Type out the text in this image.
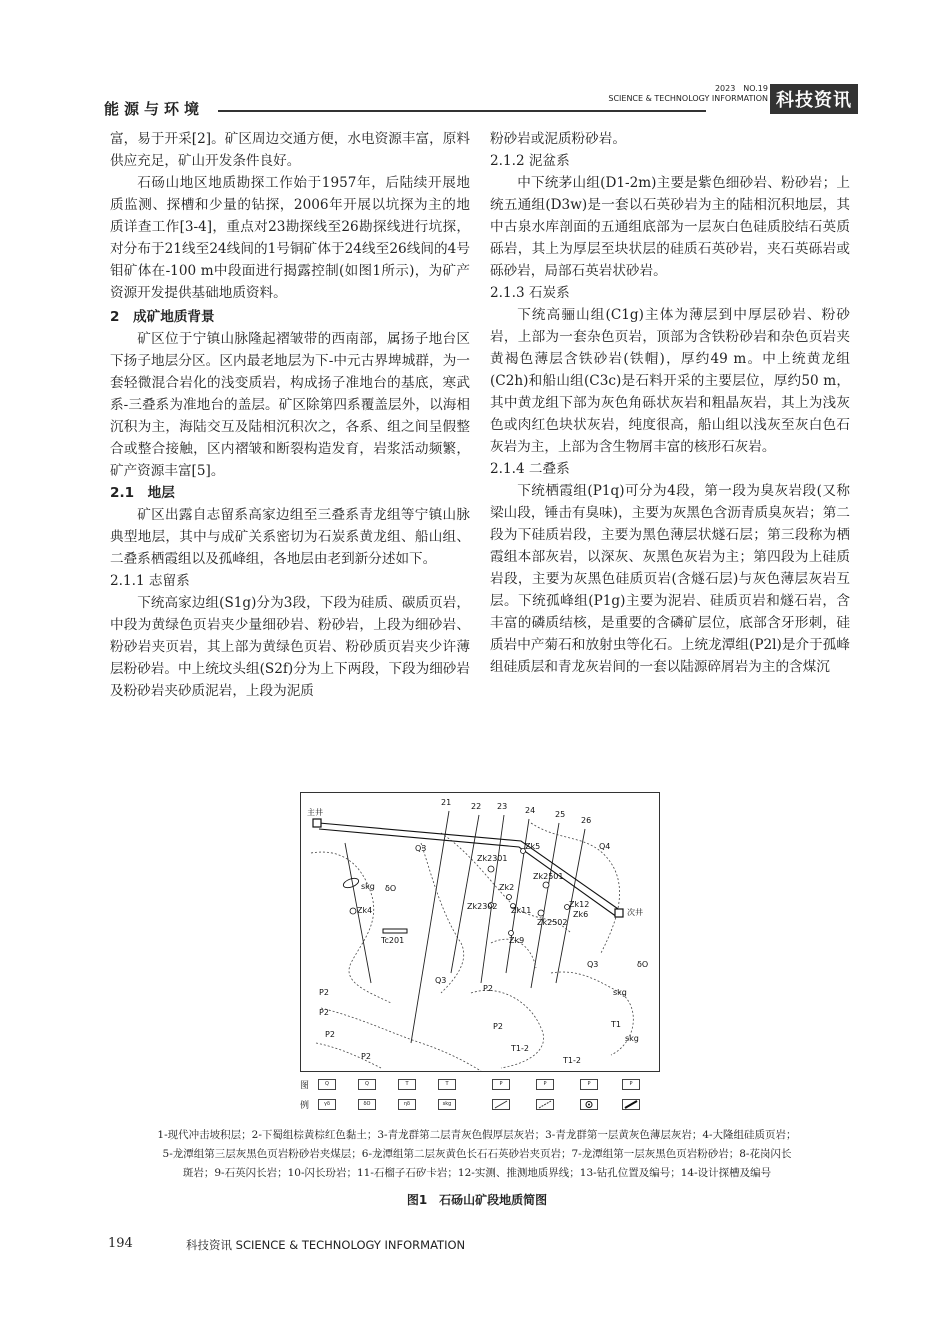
能源与环境
2023　NO.19
SCIENCE & TECHNOLOGY INFORMATION 科技资讯

富，易于开采[2]。矿区周边交通方便，水电资源丰富，原料供应充足，矿山开发条件良好。

石砀山地区地质勘探工作始于1957年，后陆续开展地质监测、探槽和少量的钻探，2006年开展以坑探为主的地质详查工作[3-4]，重点对23勘探线至26勘探线进行坑探，对分布于21线至24线间的1号铜矿体于24线至26线间的4号钼矿体在-100 m中段面进行揭露控制(如图1所示)，为矿产资源开发提供基础地质资料。

2　成矿地质背景

矿区位于宁镇山脉隆起褶皱带的西南部，属扬子地台区下扬子地层分区。区内最老地层为下-中元古界埤城群，为一套轻微混合岩化的浅变质岩，构成扬子准地台的基底，寒武系-三叠系为准地台的盖层。矿区除第四系覆盖层外，以海相沉积为主，海陆交互及陆相沉积次之，各系、组之间呈假整合或整合接触，区内褶皱和断裂构造发育，岩浆活动频繁，矿产资源丰富[5]。

2.1　地层

矿区出露自志留系高家边组至三叠系青龙组等宁镇山脉典型地层，其中与成矿关系密切为石炭系黄龙组、船山组、二叠系栖霞组以及孤峰组，各地层由老到新分述如下。

2.1.1 志留系

下统高家边组(S1g)分为3段，下段为硅质、碳质页岩，中段为黄绿色页岩夹少量细砂岩、粉砂岩，上段为细砂岩、粉砂岩夹页岩，其上部为黄绿色页岩、粉砂质页岩夹少许薄层粉砂岩。中上统坟头组(S2f)分为上下两段，下段为细砂岩及粉砂岩夹砂质泥岩，上段为泥质

粉砂岩或泥质粉砂岩。

2.1.2 泥盆系

中下统茅山组(D1-2m)主要是紫色细砂岩、粉砂岩；上统五通组(D3w)是一套以石英砂岩为主的陆相沉积地层，其中古泉水库剖面的五通组底部为一层灰白色硅质胶结石英质砾岩，其上为厚层至块状层的硅质石英砂岩，夹石英砾岩或砾砂岩，局部石英岩状砂岩。

2.1.3 石炭系

下统高骊山组(C1g)主体为薄层到中厚层砂岩、粉砂岩，上部为一套杂色页岩，顶部为含铁粉砂岩和杂色页岩夹黄褐色薄层含铁砂岩(铁帽)，厚约49 m。中上统黄龙组(C2h)和船山组(C3c)是石料开采的主要层位，厚约50 m，其中黄龙组下部为灰色角砾状灰岩和粗晶灰岩，其上为浅灰色或肉红色块状灰岩，纯度很高，船山组以浅灰至灰白色石灰岩为主，上部为含生物屑丰富的核形石灰岩。

2.1.4 二叠系

下统栖霞组(P1q)可分为4段，第一段为臭灰岩段(又称梁山段，锤击有臭味)，主要为灰黑色含沥青质臭灰岩；第二段为下硅质岩段，主要为黑色薄层状燧石层；第三段称为栖霞组本部灰岩，以深灰、灰黑色灰岩为主；第四段为上硅质岩段，主要为灰黑色硅质页岩(含燧石层)与灰色薄层灰岩互层。下统孤峰组(P1g)主要为泥岩、硅质页岩和燧石岩，含丰富的磷质结核，是重要的含磷矿层位，底部含牙形刺，硅质岩中产菊石和放射虫等化石。上统龙潭组(P2l)是介于孤峰组硅质层和青龙灰岩间的一套以陆源碎屑岩为主的含煤沉

主井
次井
21 22 23 24 25
26
Zk5
Zk2301
Zk2501
Zk2
Zk2302 Zk11
Zk12
Zk6
Zk2502
Zk9
Zk4
Tc201
skg δO
δO
Q3	Q4
Q3
Q3
P2
P2
P2
P2
P2
P2	T1
T1-2
T1-2
skg
skg
图	Q	Q	T	T	P	P	P	P
例	γδ	δO	ηδ	skg
1-现代冲击坡积层；2-下蜀组棕黄棕红色黏土；3-青龙群第二层青灰色假厚层灰岩；3-青龙群第一层黄灰色薄层灰岩；4-大隆组硅质页岩；
5-龙潭组第三层灰黑色页岩粉砂岩夹煤层；6-龙潭组第二层灰黄色长石石英砂岩夹页岩；7-龙潭组第一层灰黑色页岩粉砂岩；8-花岗闪长
斑岩；9-石英闪长岩；10-闪长玢岩；11-石榴子石矽卡岩；12-实测、推测地质界线；13-钻孔位置及编号；14-设计探槽及编号
图1　石砀山矿段地质简图
194	科技资讯 SCIENCE & TECHNOLOGY INFORMATION
